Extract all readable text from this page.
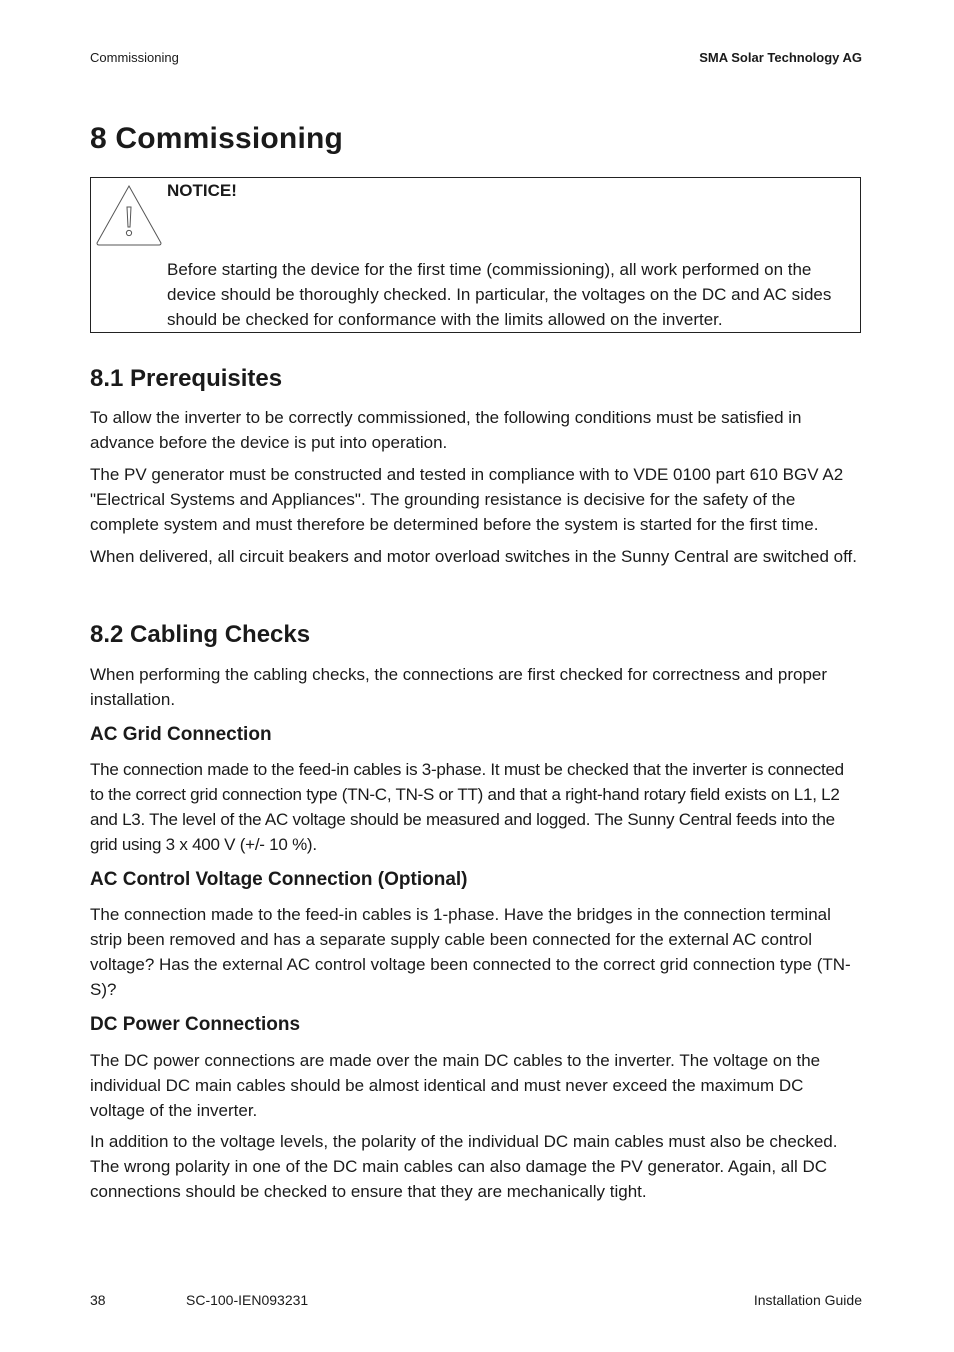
Commissioning	SMA Solar Technology AG
8 Commissioning
NOTICE!
Before starting the device for the first time (commissioning), all work performed on the device should be thoroughly checked. In particular, the voltages on the DC and AC sides should be checked for conformance with the limits allowed on the inverter.
8.1 Prerequisites

To allow the inverter to be correctly commissioned, the following conditions must be satisfied in advance before the device is put into operation.

The PV generator must be constructed and tested in compliance with to VDE 0100 part 610 BGV A2 "Electrical Systems and Appliances". The grounding resistance is decisive for the safety of the complete system and must therefore be determined before the system is started for the first time.

When delivered, all circuit beakers and motor overload switches in the Sunny Central are switched off.

8.2 Cabling Checks

When performing the cabling checks, the connections are first checked for correctness and proper installation.

AC Grid Connection

The connection made to the feed-in cables is 3-phase. It must be checked that the inverter is connected to the correct grid connection type (TN-C, TN-S or TT) and that a right-hand rotary field exists on L1, L2 and L3. The level of the AC voltage should be measured and logged. The Sunny Central feeds into the grid using 3 x 400 V (+/- 10 %).

AC Control Voltage Connection (Optional)

The connection made to the feed-in cables is 1-phase. Have the bridges in the connection terminal strip been removed and has a separate supply cable been connected for the external AC control voltage? Has the external AC control voltage been connected to the correct grid connection type (TN-S)?

DC Power Connections

The DC power connections are made over the main DC cables to the inverter. The voltage on the individual DC main cables should be almost identical and must never exceed the maximum DC voltage of the inverter.

In addition to the voltage levels, the polarity of the individual DC main cables must also be checked. The wrong polarity in one of the DC main cables can also damage the PV generator. Again, all DC connections should be checked to ensure that they are mechanically tight.

38	SC-100-IEN093231	Installation Guide
